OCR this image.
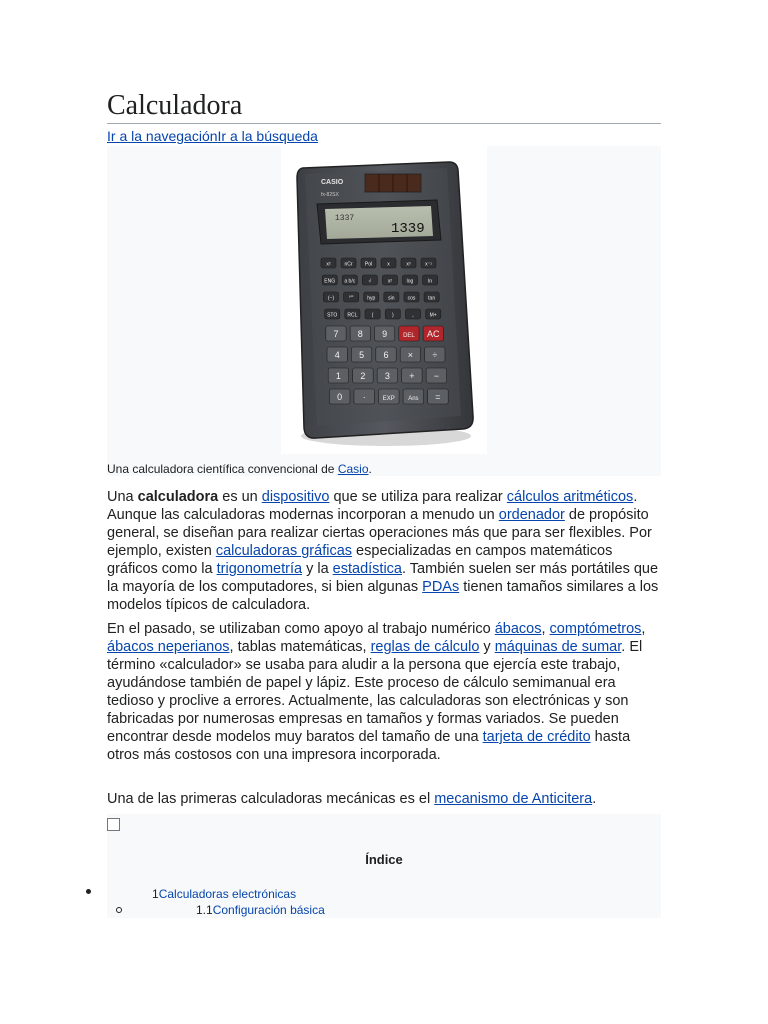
Calculadora
Ir a la navegaciónIr a la búsqueda
CASIO
fx-82SX
1337
1339
x²	nCr Pol	x	x³	x⁻¹
ENG a b/c	√	x²	log	ln
(−)	°'"	hyp	sin	cos	tan
STO RCL	(	)	,	M+
7 8 9	DEL AC
4 5 6 × ÷
1 2 3 + −
0 ·	EXP Ans =
Una calculadora científica convencional de Casio.

Una calculadora es un dispositivo que se utiliza para realizar cálculos aritméticos. Aunque las calculadoras modernas incorporan a menudo un ordenador de propósito general, se diseñan para realizar ciertas operaciones más que para ser flexibles. Por ejemplo, existen calculadoras gráficas especializadas en campos matemáticos gráficos como la trigonometría y la estadística. También suelen ser más portátiles que la mayoría de los computadores, si bien algunas PDAs tienen tamaños similares a los modelos típicos de calculadora.

En el pasado, se utilizaban como apoyo al trabajo numérico ábacos, comptómetros, ábacos neperianos, tablas matemáticas, reglas de cálculo y máquinas de sumar. El término «calculador» se usaba para aludir a la persona que ejercía este trabajo, ayudándose también de papel y lápiz. Este proceso de cálculo semimanual era tedioso y proclive a errores. Actualmente, las calculadoras son electrónicas y son fabricadas por numerosas empresas en tamaños y formas variados. Se pueden encontrar desde modelos muy baratos del tamaño de una tarjeta de crédito hasta otros más costosos con una impresora incorporada.

Una de las primeras calculadoras mecánicas es el mecanismo de Anticitera.

Índice
1Calculadoras electrónicas
1.1Configuración básica
